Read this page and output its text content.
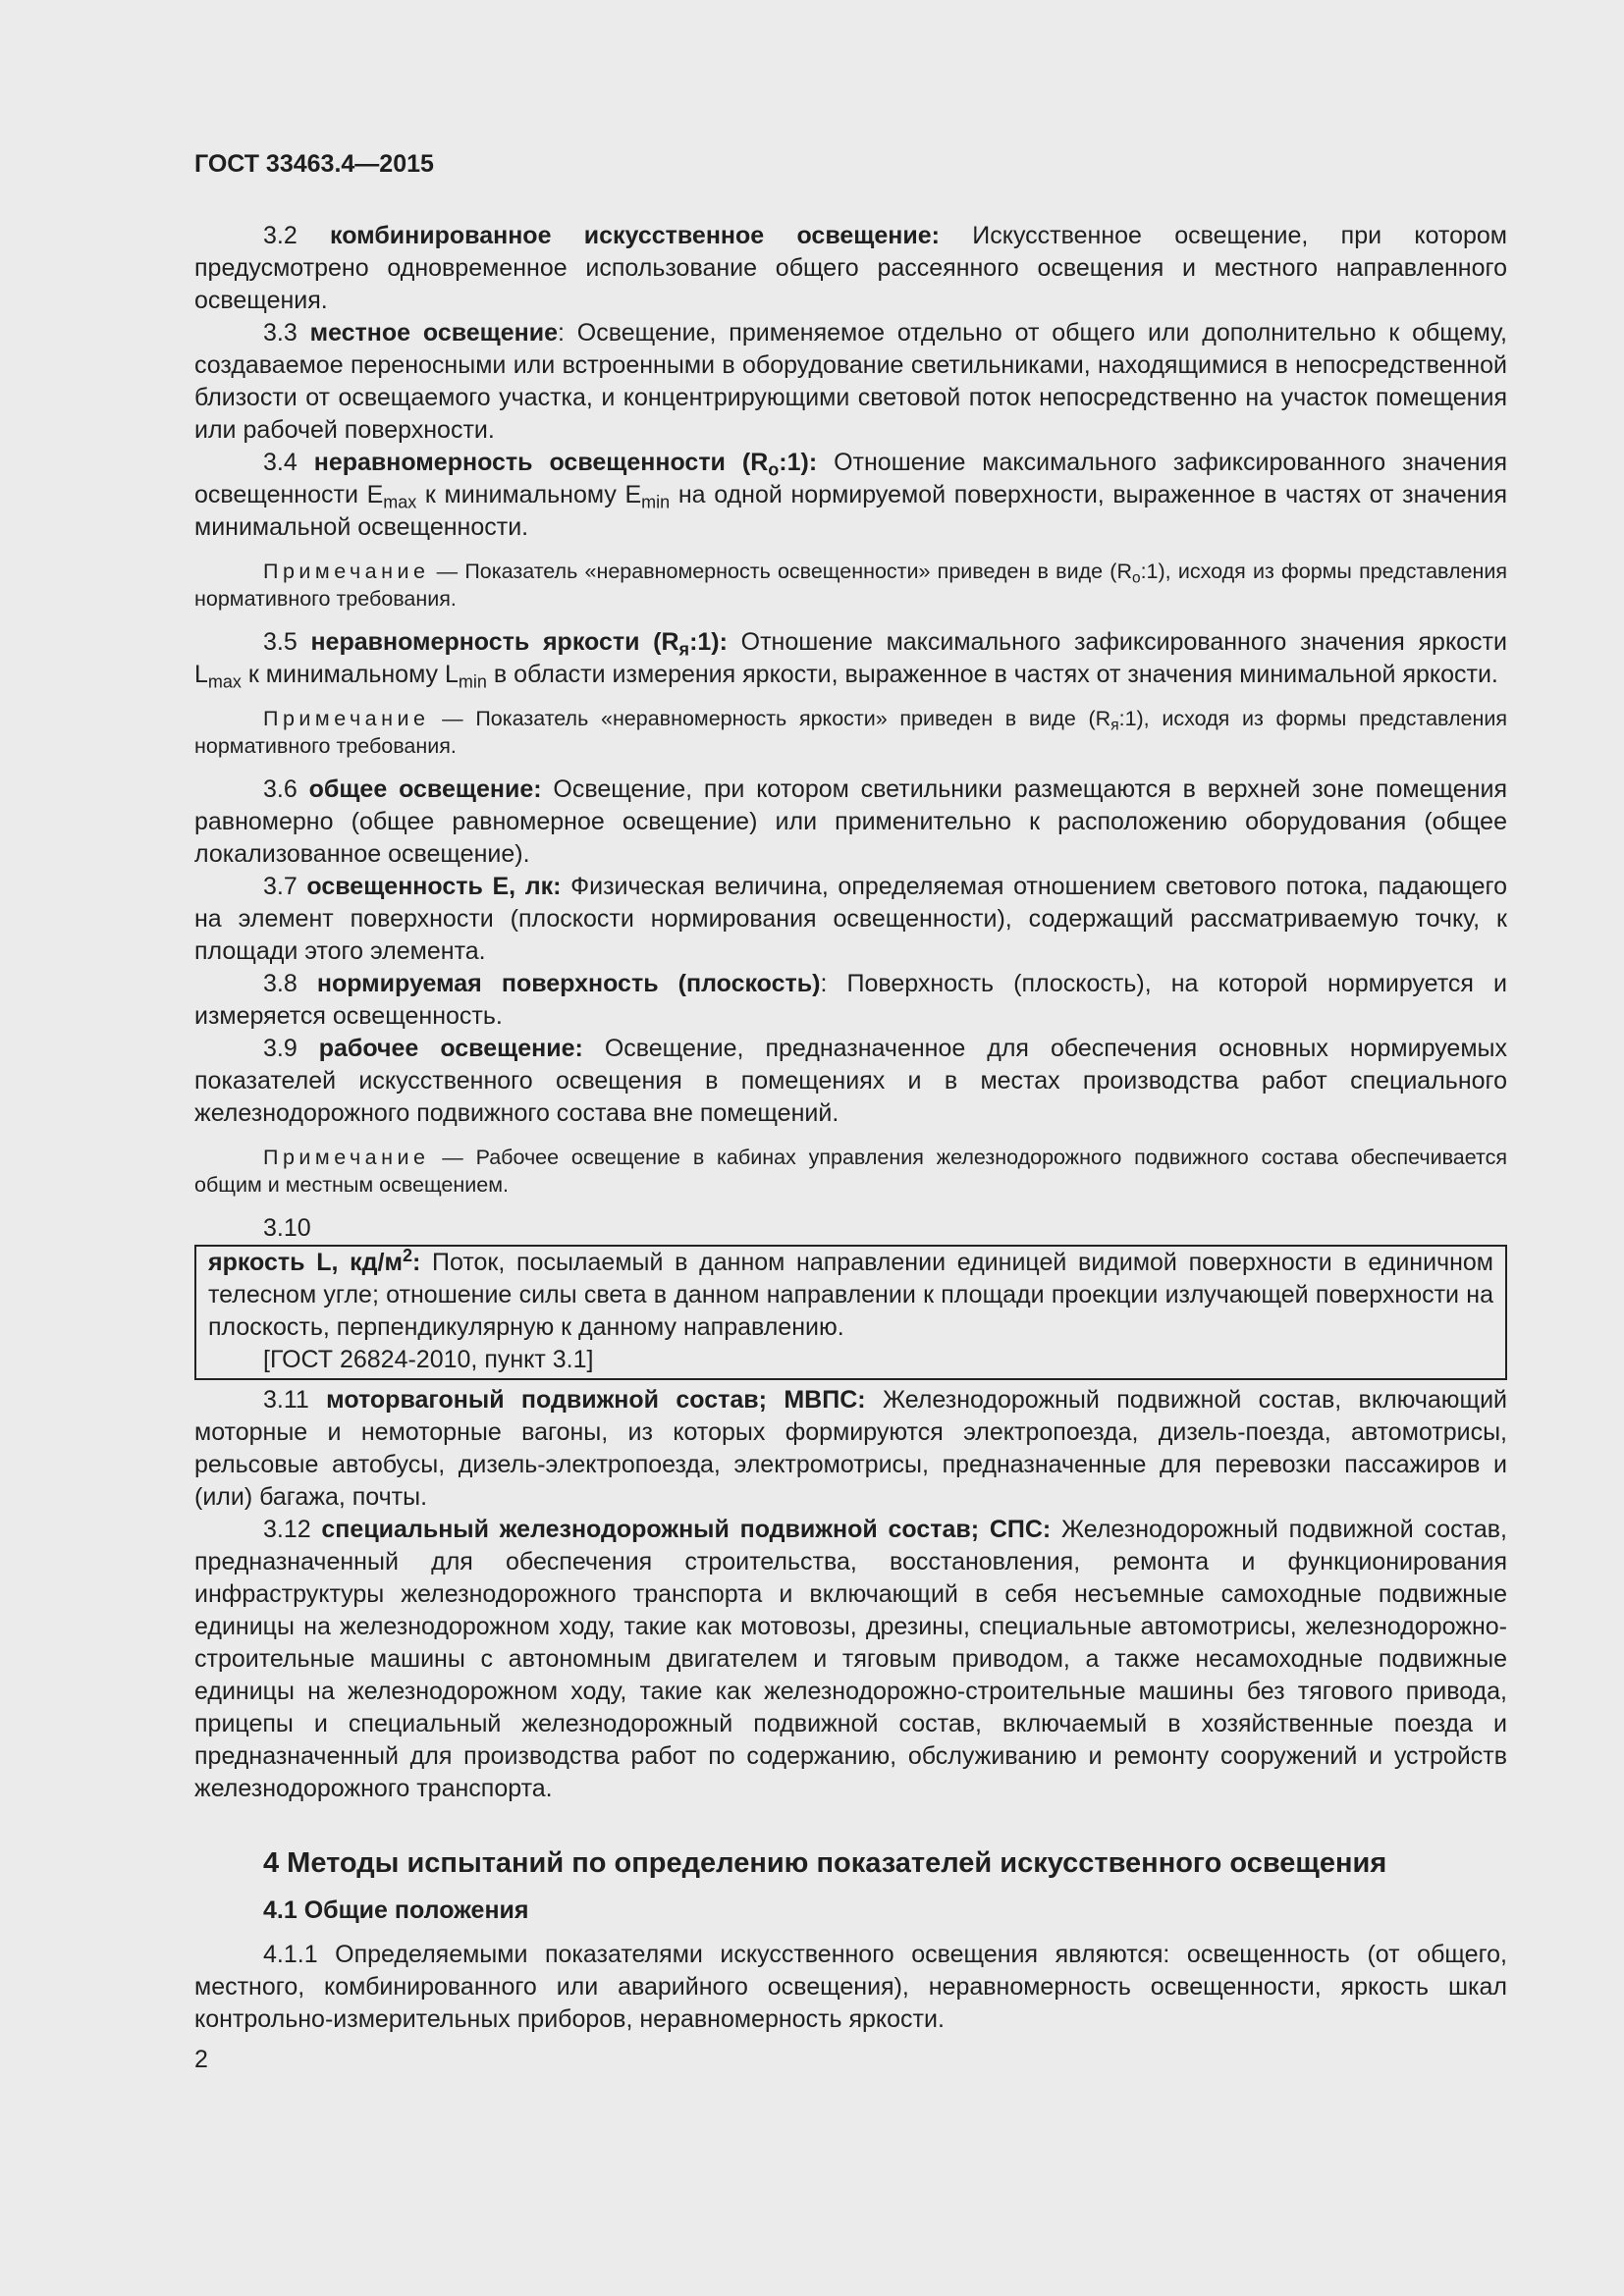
ГОСТ 33463.4—2015

3.2 комбинированное искусственное освещение: Искусственное освещение, при котором предусмотрено одновременное использование общего рассеянного освещения и местного направленного освещения.

3.3 местное освещение: Освещение, применяемое отдельно от общего или дополнительно к общему, создаваемое переносными или встроенными в оборудование светильниками, находящимися в непосредственной близости от освещаемого участка, и концентрирующими световой поток непосредственно на участок помещения или рабочей поверхности.

3.4 неравномерность освещенности $(R_о:1)$: Отношение максимального зафиксированного значения освещенности $E_{max}$ к минимальному $E_{min}$ на одной нормируемой поверхности, выраженное в частях от значения минимальной освещенности.

Примечание — Показатель «неравномерность освещенности» приведен в виде $(R_о:1)$, исходя из формы представления нормативного требования.

3.5 неравномерность яркости $(R_я:1)$: Отношение максимального зафиксированного значения яркости $L_{max}$ к минимальному $L_{min}$ в области измерения яркости, выраженное в частях от значения минимальной яркости.

Примечание — Показатель «неравномерность яркости» приведен в виде $(R_я:1)$, исходя из формы представления нормативного требования.

3.6 общее освещение: Освещение, при котором светильники размещаются в верхней зоне помещения равномерно (общее равномерное освещение) или применительно к расположению оборудования (общее локализованное освещение).

3.7 освещенность E, лк: Физическая величина, определяемая отношением светового потока, падающего на элемент поверхности (плоскости нормирования освещенности), содержащий рассматриваемую точку, к площади этого элемента.

3.8 нормируемая поверхность (плоскость): Поверхность (плоскость), на которой нормируется и измеряется освещенность.

3.9 рабочее освещение: Освещение, предназначенное для обеспечения основных нормируемых показателей искусственного освещения в помещениях и в местах производства работ специального железнодорожного подвижного состава вне помещений.

Примечание — Рабочее освещение в кабинах управления железнодорожного подвижного состава обеспечивается общим и местным освещением.

3.10

яркость L, $кд/м^2$: Поток, посылаемый в данном направлении единицей видимой поверхности в единичном телесном угле; отношение силы света в данном направлении к площади проекции излучающей поверхности на плоскость, перпендикулярную к данному направлению.

[ГОСТ 26824-2010, пункт 3.1]

3.11 моторвагоный подвижной состав; МВПС: Железнодорожный подвижной состав, включающий моторные и немоторные вагоны, из которых формируются электропоезда, дизель-поезда, автомотрисы, рельсовые автобусы, дизель-электропоезда, электромотрисы, предназначенные для перевозки пассажиров и (или) багажа, почты.

3.12 специальный железнодорожный подвижной состав; СПС: Железнодорожный подвижной состав, предназначенный для обеспечения строительства, восстановления, ремонта и функционирования инфраструктуры железнодорожного транспорта и включающий в себя несъемные самоходные подвижные единицы на железнодорожном ходу, такие как мотовозы, дрезины, специальные автомотрисы, железнодорожно-строительные машины с автономным двигателем и тяговым приводом, а также несамоходные подвижные единицы на железнодорожном ходу, такие как железнодорожно-строительные машины без тягового привода, прицепы и специальный железнодорожный подвижной состав, включаемый в хозяйственные поезда и предназначенный для производства работ по содержанию, обслуживанию и ремонту сооружений и устройств железнодорожного транспорта.

4 Методы испытаний по определению показателей искусственного освещения
4.1 Общие положения

4.1.1 Определяемыми показателями искусственного освещения являются: освещенность (от общего, местного, комбинированного или аварийного освещения), неравномерность освещенности, яркость шкал контрольно-измерительных приборов, неравномерность яркости.

2
